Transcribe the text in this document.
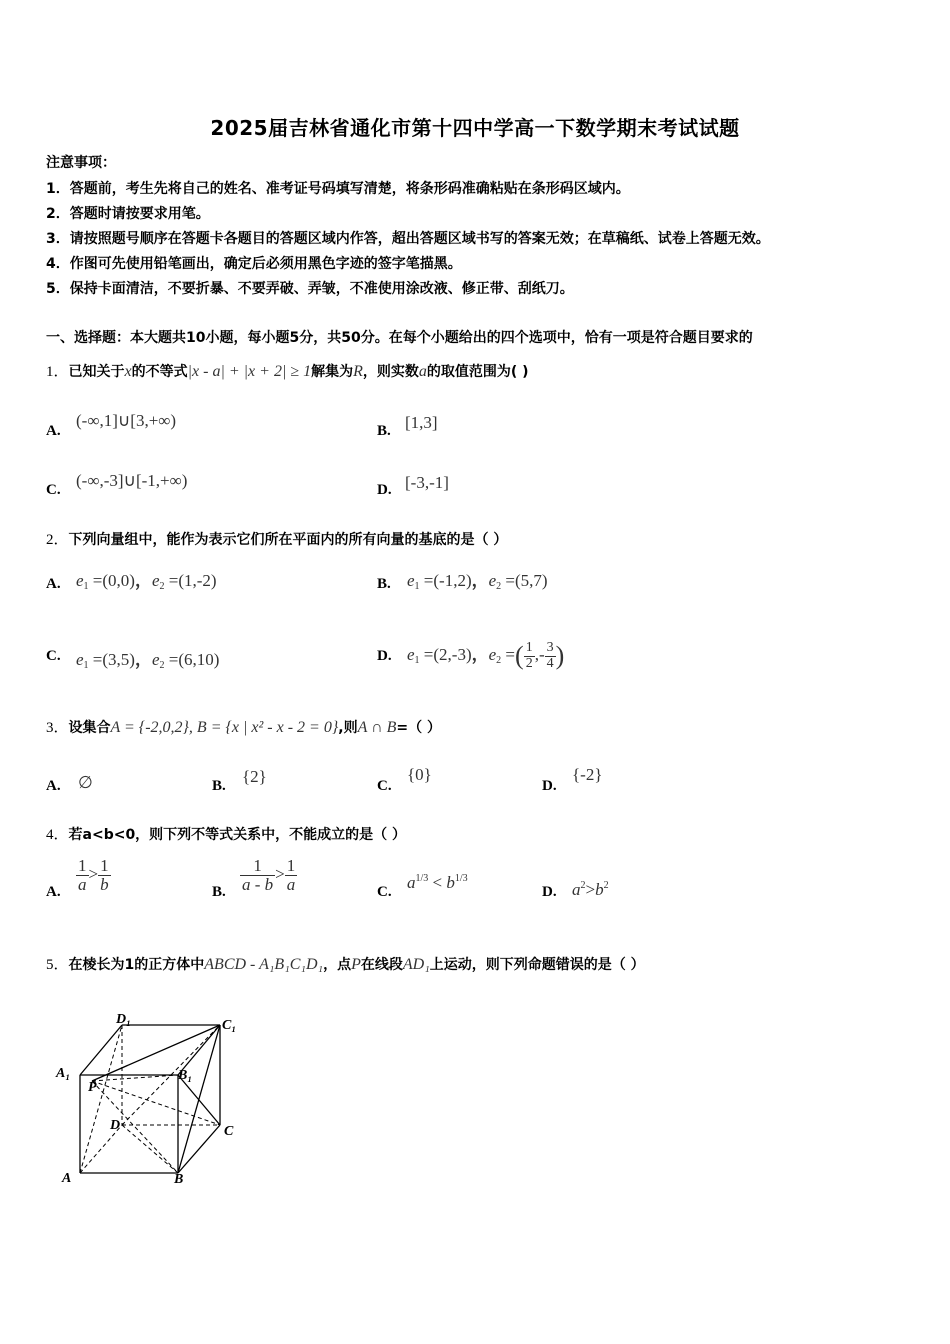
2025届吉林省通化市第十四中学高一下数学期末考试试题
注意事项：
1．答题前，考生先将自己的姓名、准考证号码填写清楚，将条形码准确粘贴在条形码区域内。
2．答题时请按要求用笔。
3．请按照题号顺序在答题卡各题目的答题区域内作答，超出答题区域书写的答案无效；在草稿纸、试卷上答题无效。
4．作图可先使用铅笔画出，确定后必须用黑色字迹的签字笔描黑。
5．保持卡面清洁，不要折暴、不要弄破、弄皱，不准使用涂改液、修正带、刮纸刀。
一、选择题：本大题共10小题，每小题5分，共50分。在每个小题给出的四个选项中，恰有一项是符合题目要求的
1．已知关于x的不等式|x - a| + |x + 2| ≥ 1解集为R，则实数a的取值范围为( )
A.
(-∞,1]∪[3,+∞)
B. [1,3]
C. (-∞,-3]∪[-1,+∞)	D. [-3,-1]
2．下列向量组中，能作为表示它们所在平面内的所有向量的基底的是（ ）
A. $e_1 =(0,0)$，$e_2 =(1,-2)$	B. $e_1 =(-1,2)$，$e_2 =(5,7)$
C. $e_1 =(3,5)$，$e_2 =(6,10)$	D. $e_1 =(2,-3)$，$e_2$ =( $\frac{1}{2}$ ,- $\frac{3}{4}$ )
3．设集合A = {-2,0,2}, B = {x | x² - x - 2 = 0},则A ∩ B=（ ）
A. ∅	B. {2}	C.
{0}
D.
{-2}
4．若a<b<0，则下列不等式关系中，不能成立的是（ ）
A. $\frac{1}{a} > \frac{1}{b}$	B. $\frac{1}{a - b} > \frac{1}{a}$	C. $a^{1/3} < b^{1/3}$
D. $a^2>b^2$
5．在棱长为1的正方体中ABCD - A₁B₁C₁D₁，点P在线段AD₁上运动，则下列命题错误的是（ ）
D₁	C₁
A₁	B₁
P
D	C
A	B
